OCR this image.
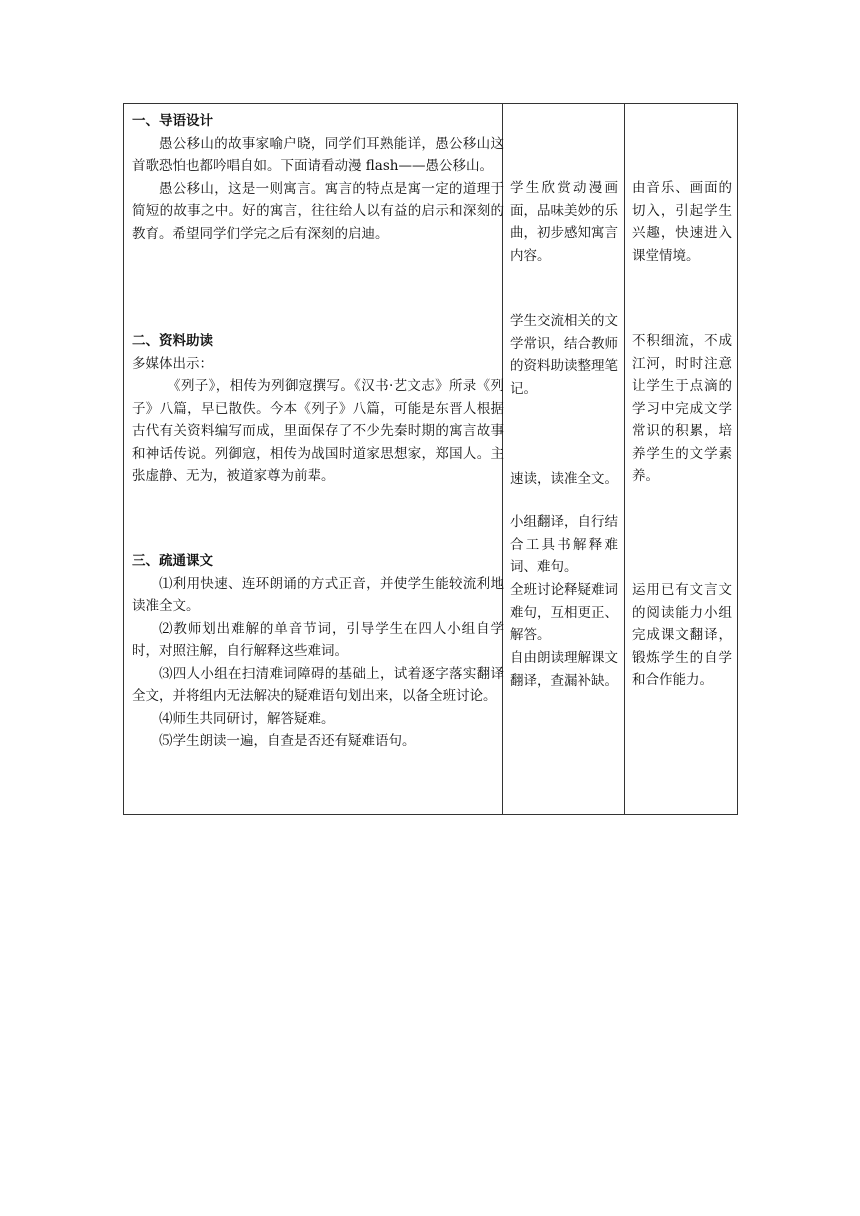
一、导语设计

愚公移山的故事家喻户晓，同学们耳熟能详，愚公移山这首歌恐怕也都吟唱自如。下面请看动漫 flash——愚公移山。

愚公移山，这是一则寓言。寓言的特点是寓一定的道理于简短的故事之中。好的寓言，往往给人以有益的启示和深刻的教育。希望同学们学完之后有深刻的启迪。

二、资料助读

多媒体出示：

《列子》，相传为列御寇撰写。《汉书·艺文志》所录《列子》八篇，早已散佚。今本《列子》八篇，可能是东晋人根据古代有关资料编写而成，里面保存了不少先秦时期的寓言故事和神话传说。列御寇，相传为战国时道家思想家，郑国人。主张虚静、无为，被道家尊为前辈。

三、疏通课文

⑴利用快速、连环朗诵的方式正音，并使学生能较流利地读准全文。

⑵教师划出难解的单音节词，引导学生在四人小组自学时，对照注解，自行解释这些难词。

⑶四人小组在扫清难词障碍的基础上，试着逐字落实翻译全文，并将组内无法解决的疑难语句划出来，以备全班讨论。

⑷师生共同研讨，解答疑难。

⑸学生朗读一遍，自查是否还有疑难语句。

学生欣赏动漫画面，品味美妙的乐曲，初步感知寓言内容。
学生交流相关的文学常识，结合教师的资料助读整理笔记。
速读，读准全文。
小组翻译，自行结合工具书解释难词、难句。
全班讨论释疑难词难句，互相更正、解答。
自由朗读理解课文翻译，查漏补缺。
由音乐、画面的切入，引起学生兴趣，快速进入课堂情境。
不积细流，不成江河，时时注意让学生于点滴的学习中完成文学常识的积累，培养学生的文学素养。
运用已有文言文的阅读能力小组完成课文翻译，锻炼学生的自学和合作能力。
